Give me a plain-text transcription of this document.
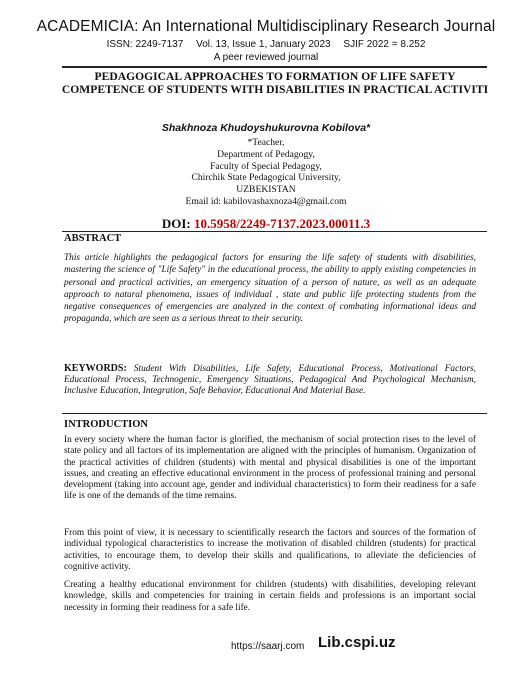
ACADEMICIA: An International Multidisciplinary Research Journal
ISSN: 2249-7137 Vol. 13, Issue 1, January 2023 SJIF 2022 = 8.252
A peer reviewed journal
PEDAGOGICAL APPROACHES TO FORMATION OF LIFE SAFETY COMPETENCE OF STUDENTS WITH DISABILITIES IN PRACTICAL ACTIVITI
Shakhnoza Khudoyshukurovna Kobilova*
*Teacher,
Department of Pedagogy,
Faculty of Special Pedagogy,
Chirchik State Pedagogical University,
UZBEKISTAN
Email id: kabilovashaxnoza4@gmail.com
DOI: 10.5958/2249-7137.2023.00011.3
ABSTRACT
This article highlights the pedagogical factors for ensuring the life safety of students with disabilities, mastering the science of "Life Safety" in the educational process, the ability to apply existing competencies in personal and practical activities, an emergency situation of a person of nature, as well as an adequate approach to natural phenomena, issues of individual , state and public life protecting students from the negative consequences of emergencies are analyzed in the context of combating informational ideas and propaganda, which are seen as a serious threat to their security.
KEYWORDS: Student With Disabilities, Life Safety, Educational Process, Motivational Factors, Educational Process, Technogenic, Emergency Situations, Pedagogical And Psychological Mechanism, Inclusive Education, Integration, Safe Behavior, Educational And Material Base.
INTRODUCTION
In every society where the human factor is glorified, the mechanism of social protection rises to the level of state policy and all factors of its implementation are aligned with the principles of humanism. Organization of the practical activities of children (students) with mental and physical disabilities is one of the important issues, and creating an effective educational environment in the process of professional training and personal development (taking into account age, gender and individual characteristics) to form their readiness for a safe life is one of the demands of the time remains.
From this point of view, it is necessary to scientifically research the factors and sources of the formation of individual typological characteristics to increase the motivation of disabled children (students) for practical activities, to encourage them, to develop their skills and qualifications, to alleviate the deficiencies of cognitive activity.
Creating a healthy educational environment for children (students) with disabilities, developing relevant knowledge, skills and competencies for training in certain fields and professions is an important social necessity in forming their readiness for a safe life.
https://saarj.com Lib.cspi.uz
